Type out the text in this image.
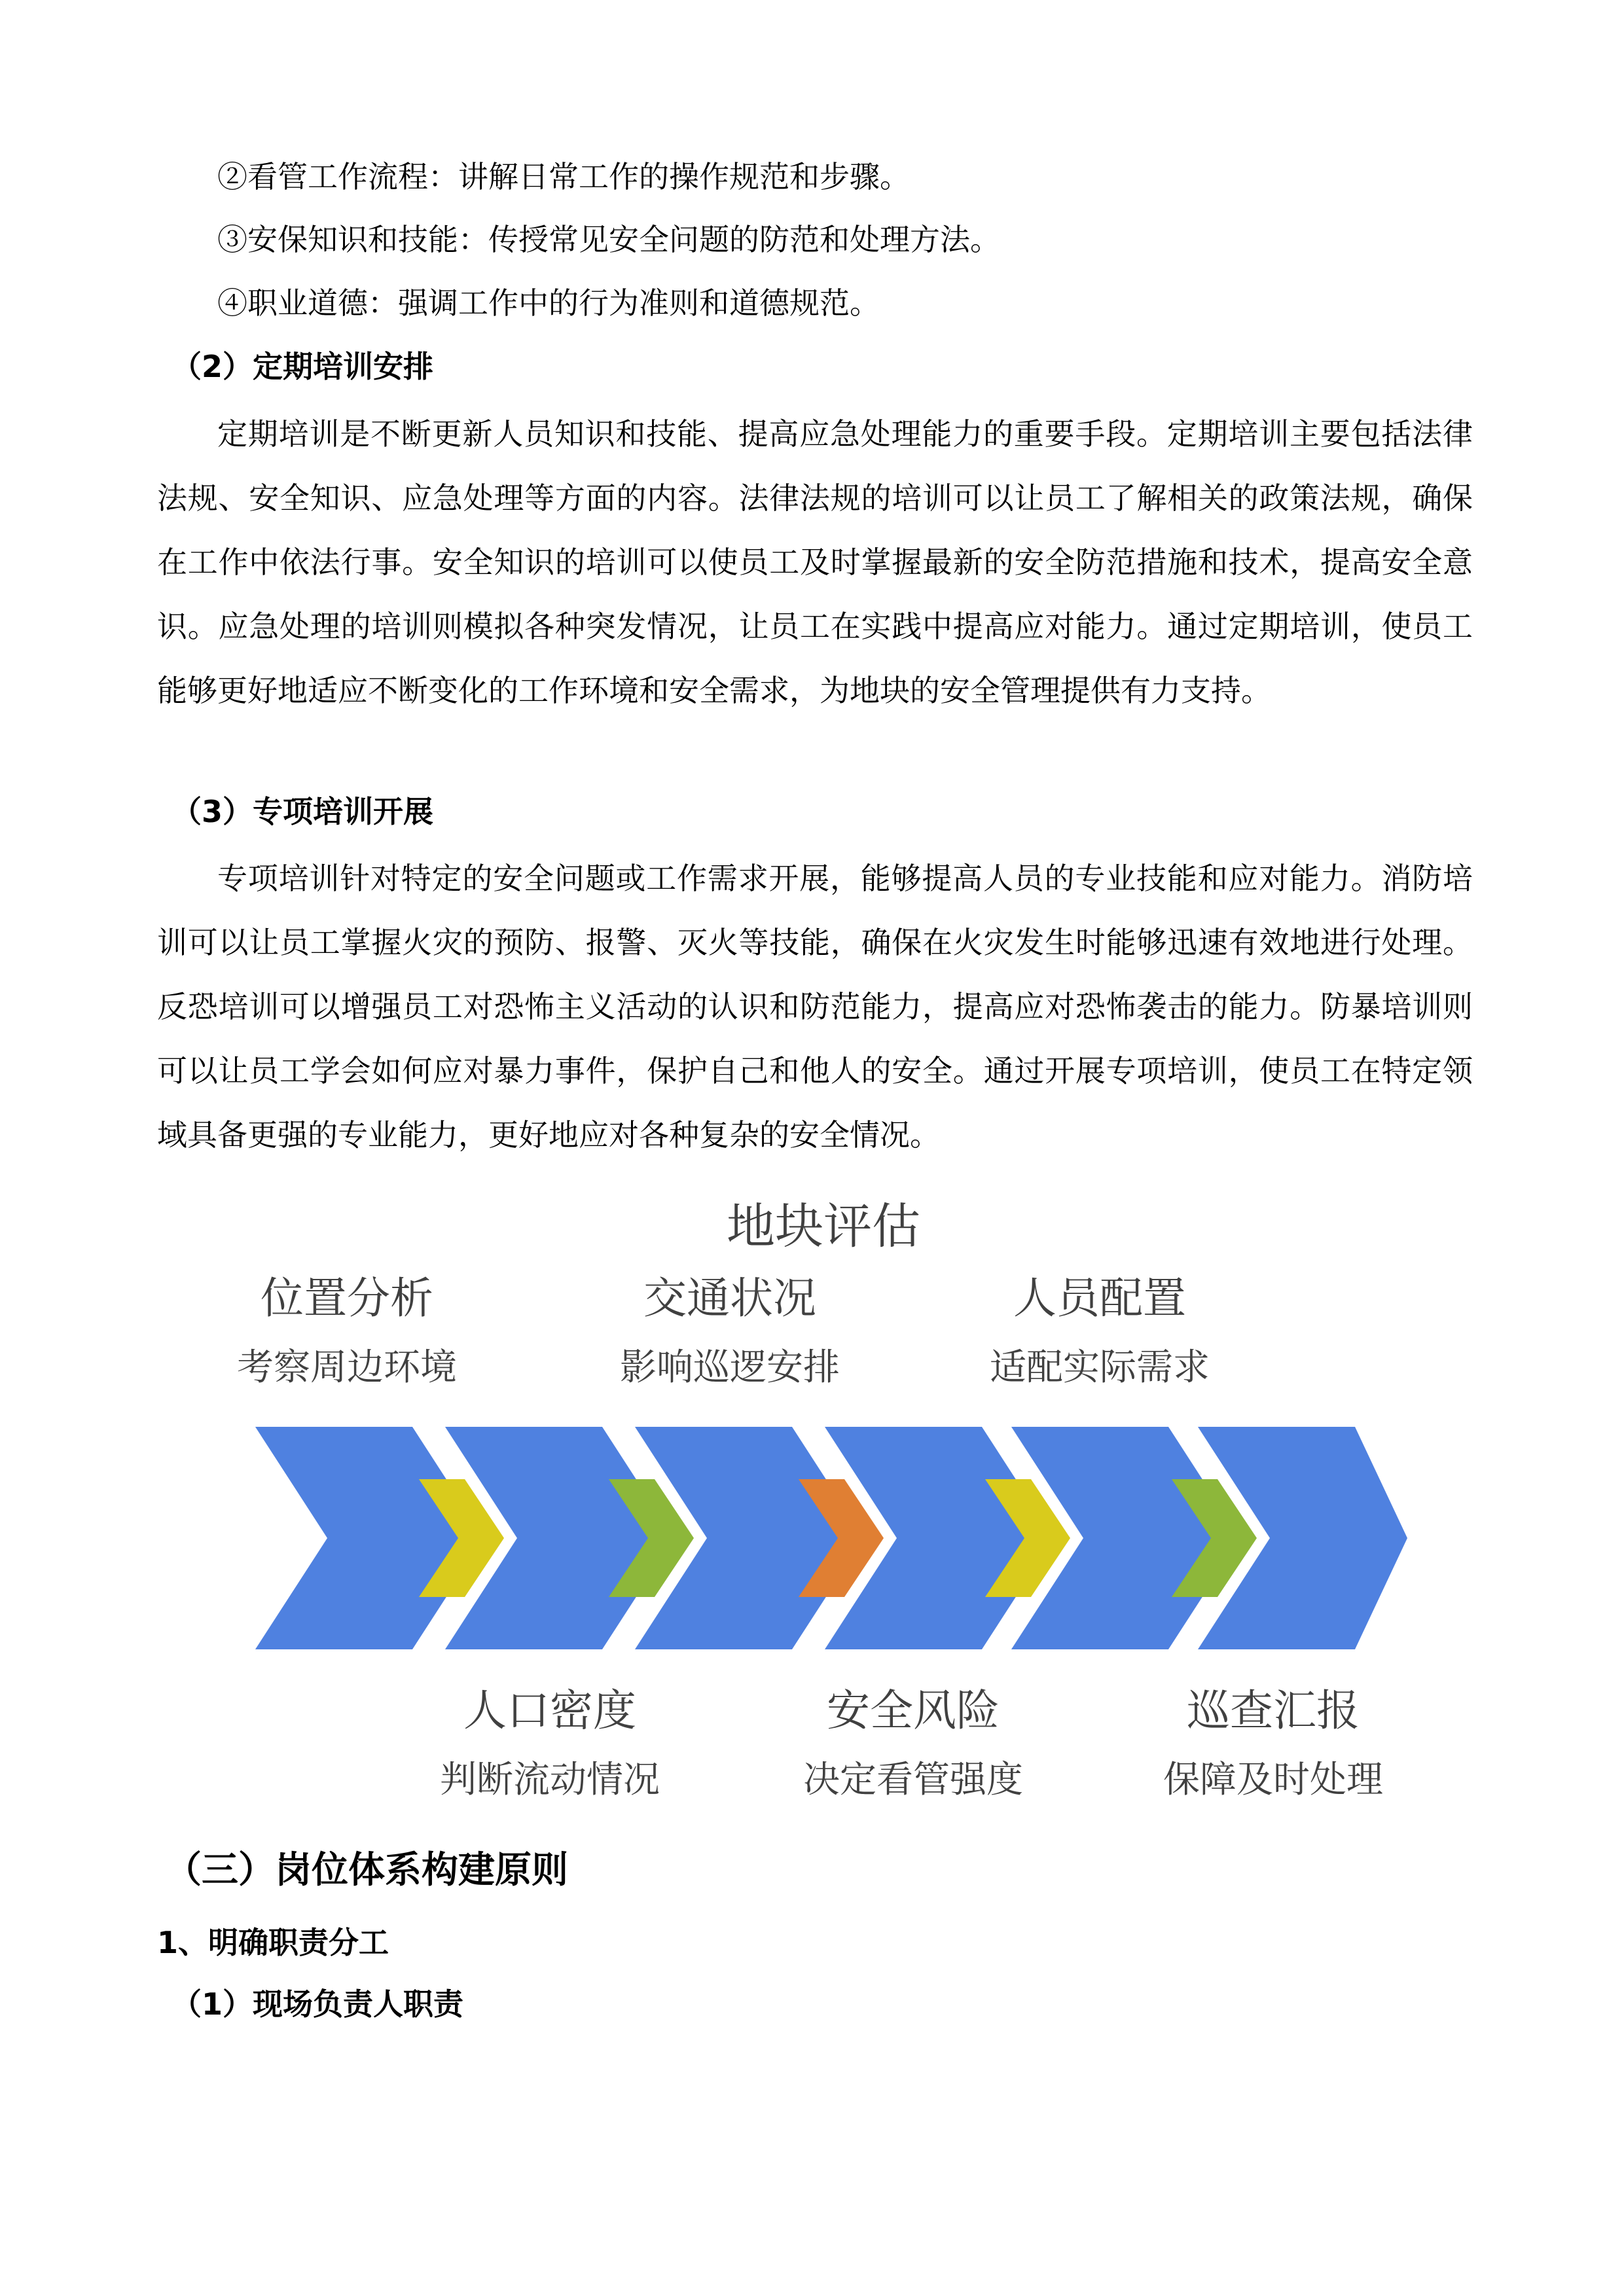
②看管工作流程：讲解日常工作的操作规范和步骤。
③安保知识和技能：传授常见安全问题的防范和处理方法。
④职业道德：强调工作中的行为准则和道德规范。
（2）定期培训安排

定期培训是不断更新人员知识和技能、提高应急处理能力的重要手段。定期培训主要包括法律法规、安全知识、应急处理等方面的内容。法律法规的培训可以让员工了解相关的政策法规，确保在工作中依法行事。安全知识的培训可以使员工及时掌握最新的安全防范措施和技术，提高安全意识。应急处理的培训则模拟各种突发情况，让员工在实践中提高应对能力。通过定期培训，使员工能够更好地适应不断变化的工作环境和安全需求，为地块的安全管理提供有力支持。

（3）专项培训开展

专项培训针对特定的安全问题或工作需求开展，能够提高人员的专业技能和应对能力。消防培训可以让员工掌握火灾的预防、报警、灭火等技能，确保在火灾发生时能够迅速有效地进行处理。反恐培训可以增强员工对恐怖主义活动的认识和防范能力，提高应对恐怖袭击的能力。防暴培训则可以让员工学会如何应对暴力事件，保护自己和他人的安全。通过开展专项培训，使员工在特定领域具备更强的专业能力，更好地应对各种复杂的安全情况。

地块评估
位置分析
考察周边环境
交通状况
影响巡逻安排
人员配置
适配实际需求
人口密度
判断流动情况
安全风险
决定看管强度
巡查汇报
保障及时处理
（三）岗位体系构建原则
1、明确职责分工
（1）现场负责人职责
